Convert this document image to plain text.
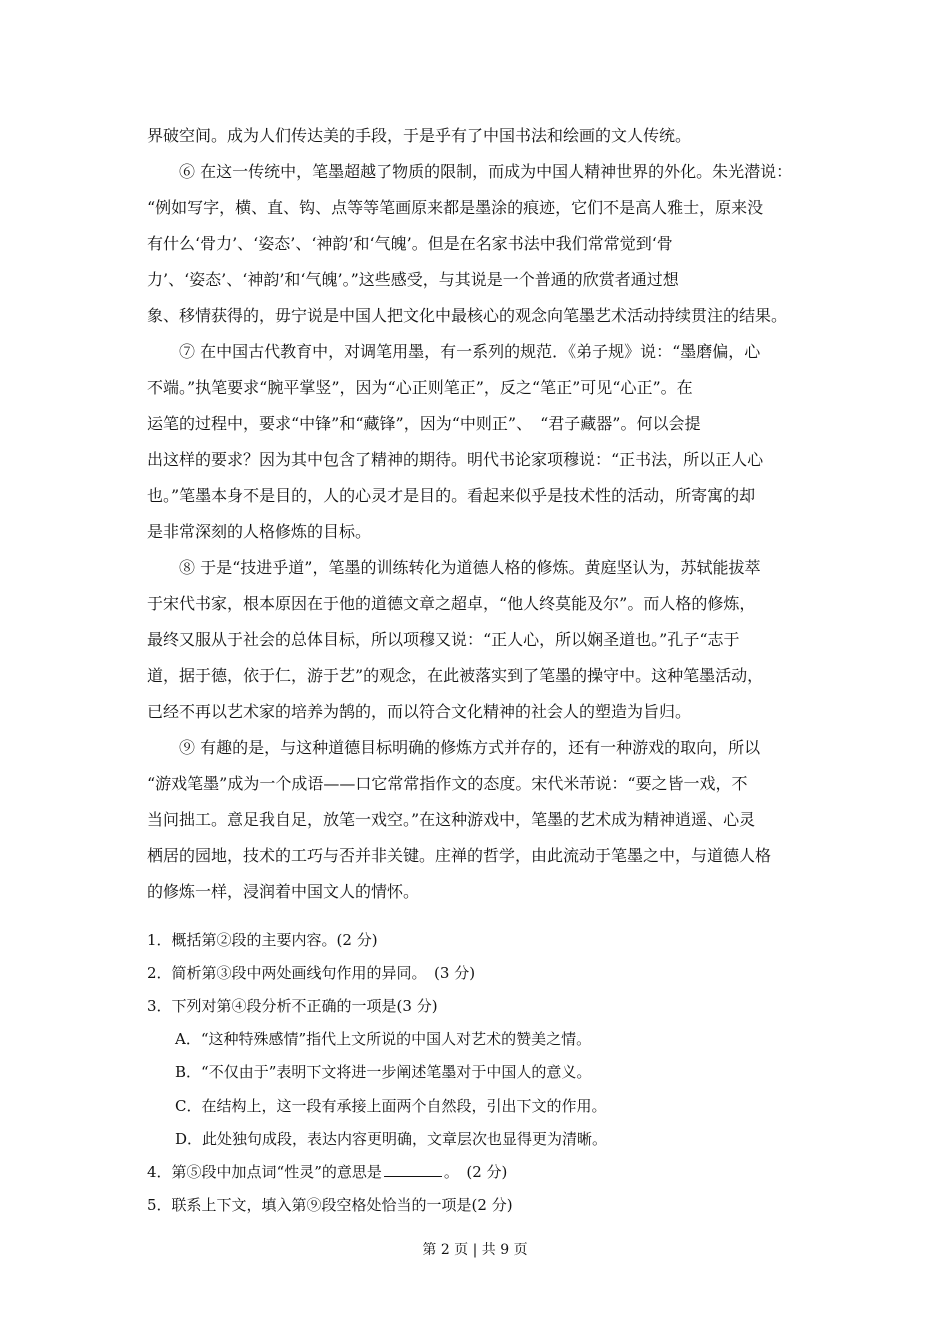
界破空间。成为人们传达美的手段，于是乎有了中国书法和绘画的文人传统。
　　⑥ 在这一传统中，笔墨超越了物质的限制，而成为中国人精神世界的外化。朱光潜说：
“例如写字，横、直、钩、点等等笔画原来都是墨涂的痕迹，它们不是高人雅士，原来没
有什么‘骨力’、‘姿态’、‘神韵’和‘气魄’。但是在名家书法中我们常常觉到‘骨
力’、‘姿态’、‘神韵’和‘气魄’。”这些感受，与其说是一个普通的欣赏者通过想
象、移情获得的，毋宁说是中国人把文化中最核心的观念向笔墨艺术活动持续贯注的结果。
　　⑦ 在中国古代教育中，对调笔用墨，有一系列的规范．《弟子规》说：“墨磨偏，心
不端。”执笔要求“腕平掌竖”，因为“心正则笔正”，反之“笔正”可见“心正”。在
运笔的过程中，要求“中锋”和“藏锋”，因为“中则正”、　“君子藏器”。何以会提
出这样的要求？因为其中包含了精神的期待。明代书论家项穆说：“正书法，所以正人心
也。”笔墨本身不是目的，人的心灵才是目的。看起来似乎是技术性的活动，所寄寓的却
是非常深刻的人格修炼的目标。
　　⑧ 于是“技进乎道”，笔墨的训练转化为道德人格的修炼。黄庭坚认为，苏轼能拔萃
于宋代书家，根本原因在于他的道德文章之超卓，“他人终莫能及尔”。而人格的修炼，
最终又服从于社会的总体目标，所以项穆又说：“正人心，所以娴圣道也。”孔子“志于
道，据于德，依于仁，游于艺”的观念，在此被落实到了笔墨的操守中。这种笔墨活动，
已经不再以艺术家的培养为鹄的，而以符合文化精神的社会人的塑造为旨归。
　　⑨ 有趣的是，与这种道德目标明确的修炼方式并存的，还有一种游戏的取向，所以
“游戏笔墨”成为一个成语——口它常常指作文的态度。宋代米芾说：“要之皆一戏，不
当问拙工。意足我自足，放笔一戏空。”在这种游戏中，笔墨的艺术成为精神逍遥、心灵
栖居的园地，技术的工巧与否并非关键。庄禅的哲学，由此流动于笔墨之中，与道德人格
的修炼一样，浸润着中国文人的情怀。

1．概括第②段的主要内容。(2 分)

2．简析第③段中两处画线句作用的异同。　(3 分)

3．下列对第④段分析不正确的一项是(3 分)

A．“这种特殊感情”指代上文所说的中国人对艺术的赞美之情。

B．“不仅由于”表明下文将进一步阐述笔墨对于中国人的意义。

C．在结构上，这一段有承接上面两个自然段，引出下文的作用。

D．此处独句成段，表达内容更明确，文章层次也显得更为清晰。

4．第⑤段中加点词“性灵”的意思是	。　(2 分)

5．联系上下文，填入第⑨段空格处恰当的一项是(2 分)

第 2 页 | 共 9 页
